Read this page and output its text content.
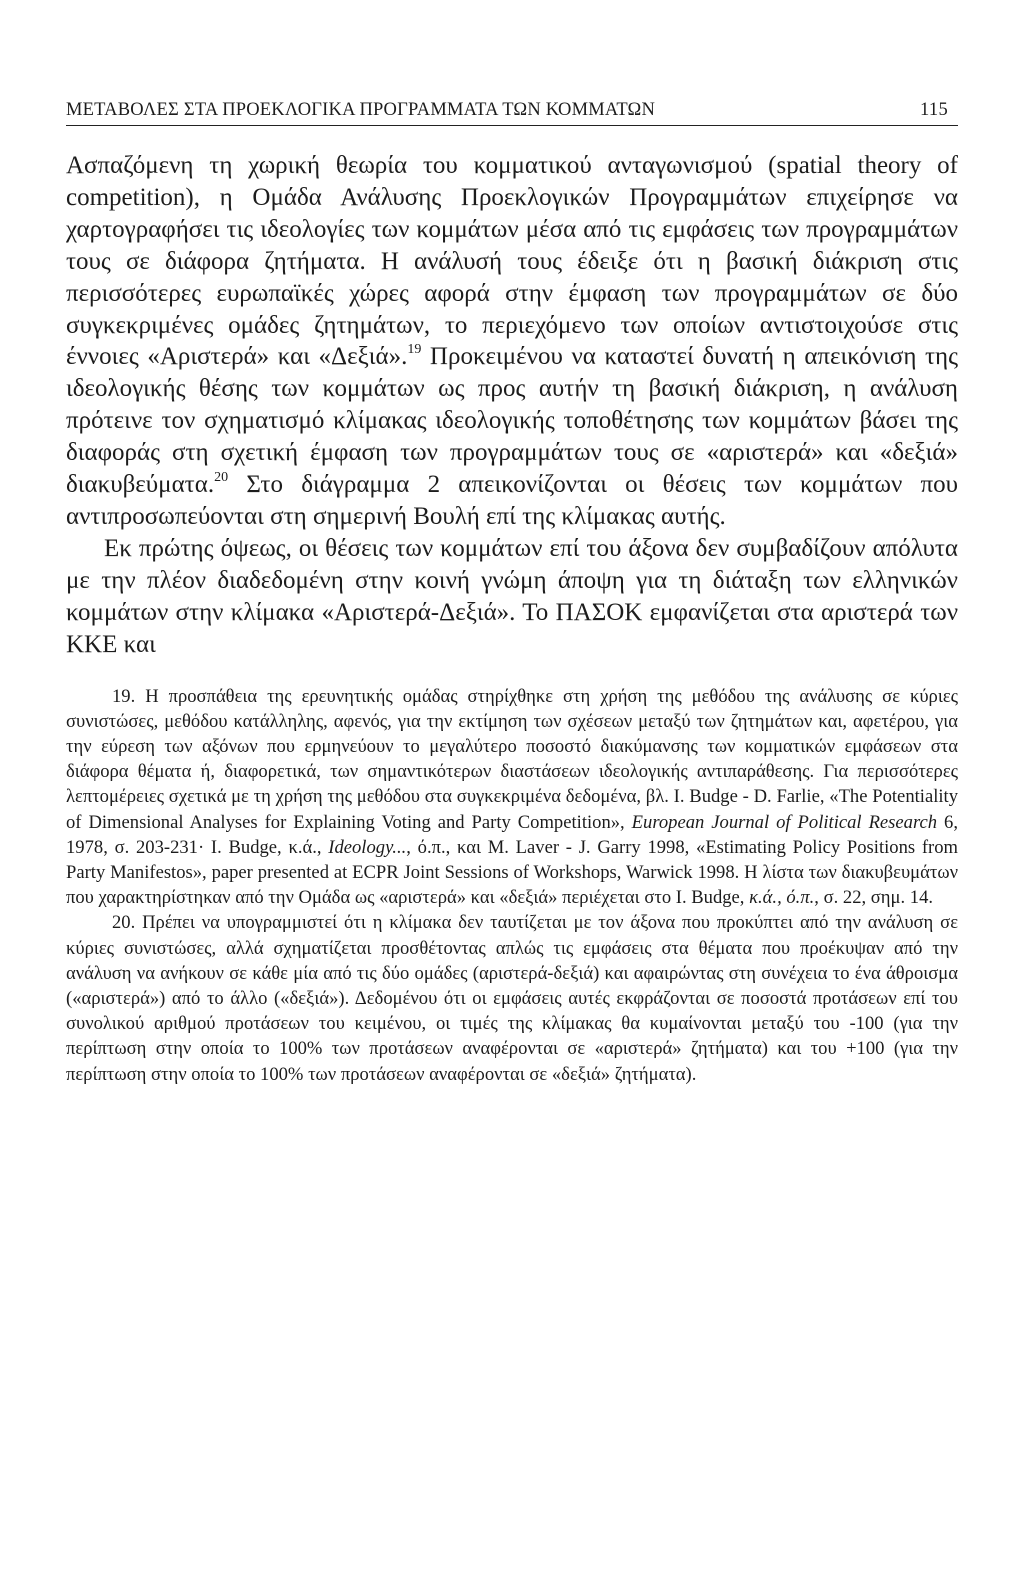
ΜΕΤΑΒΟΛΕΣ ΣΤΑ ΠΡΟΕΚΛΟΓΙΚΑ ΠΡΟΓΡΑΜΜΑΤΑ ΤΩΝ ΚΟΜΜΑΤΩΝ	115

Ασπαζόμενη τη χωρική θεωρία του κομματικού ανταγωνισμού (spatial theory of competition), η Ομάδα Ανάλυσης Προεκλογικών Προγραμμάτων επιχείρησε να χαρτογραφήσει τις ιδεολογίες των κομμάτων μέσα από τις εμφάσεις των προγραμμάτων τους σε διάφορα ζητήματα. Η ανάλυσή τους έδειξε ότι η βασική διάκριση στις περισσότερες ευρωπαϊκές χώρες αφορά στην έμφαση των προγραμμάτων σε δύο συγκεκριμένες ομάδες ζητημάτων, το περιεχόμενο των οποίων αντιστοιχούσε στις έννοιες «Αριστερά» και «Δεξιά».$^{19}$ Προκειμένου να καταστεί δυνατή η απεικόνιση της ιδεολογικής θέσης των κομμάτων ως προς αυτήν τη βασική διάκριση, η ανάλυση πρότεινε τον σχηματισμό κλίμακας ιδεολογικής τοποθέτησης των κομμάτων βάσει της διαφοράς στη σχετική έμφαση των προγραμμάτων τους σε «αριστερά» και «δεξιά» διακυβεύματα.$^{20}$ Στο διάγραμμα 2 απεικονίζονται οι θέσεις των κομμάτων που αντιπροσωπεύονται στη σημερινή Βουλή επί της κλίμακας αυτής.

Εκ πρώτης όψεως, οι θέσεις των κομμάτων επί του άξονα δεν συμβαδίζουν απόλυτα με την πλέον διαδεδομένη στην κοινή γνώμη άποψη για τη διάταξη των ελληνικών κομμάτων στην κλίμακα «Αριστερά-Δεξιά». Το ΠΑΣΟΚ εμφανίζεται στα αριστερά των ΚΚΕ και

19. Η προσπάθεια της ερευνητικής ομάδας στηρίχθηκε στη χρήση της μεθόδου της ανάλυσης σε κύριες συνιστώσες, μεθόδου κατάλληλης, αφενός, για την εκτίμηση των σχέσεων μεταξύ των ζητημάτων και, αφετέρου, για την εύρεση των αξόνων που ερμηνεύουν το μεγαλύτερο ποσοστό διακύμανσης των κομματικών εμφάσεων στα διάφορα θέματα ή, διαφορετικά, των σημαντικότερων διαστάσεων ιδεολογικής αντιπαράθεσης. Για περισσότερες λεπτομέρειες σχετικά με τη χρήση της μεθόδου στα συγκεκριμένα δεδομένα, βλ. I. Budge - D. Farlie, «The Potentiality of Dimensional Analyses for Explaining Voting and Party Competition», European Journal of Political Research 6, 1978, σ. 203-231· I. Budge, κ.ά., Ideology..., ό.π., και M. Laver - J. Garry 1998, «Estimating Policy Positions from Party Manifestos», paper presented at ECPR Joint Sessions of Workshops, Warwick 1998. Η λίστα των διακυβευμάτων που χαρακτηρίστηκαν από την Ομάδα ως «αριστερά» και «δεξιά» περιέχεται στο I. Budge, κ.ά., ό.π., σ. 22, σημ. 14.

20. Πρέπει να υπογραμμιστεί ότι η κλίμακα δεν ταυτίζεται με τον άξονα που προκύπτει από την ανάλυση σε κύριες συνιστώσες, αλλά σχηματίζεται προσθέτοντας απλώς τις εμφάσεις στα θέματα που προέκυψαν από την ανάλυση να ανήκουν σε κάθε μία από τις δύο ομάδες (αριστερά-δεξιά) και αφαιρώντας στη συνέχεια το ένα άθροισμα («αριστερά») από το άλλο («δεξιά»). Δεδομένου ότι οι εμφάσεις αυτές εκφράζονται σε ποσοστά προτάσεων επί του συνολικού αριθμού προτάσεων του κειμένου, οι τιμές της κλίμακας θα κυμαίνονται μεταξύ του -100 (για την περίπτωση στην οποία το 100% των προτάσεων αναφέρονται σε «αριστερά» ζητήματα) και του +100 (για την περίπτωση στην οποία το 100% των προτάσεων αναφέρονται σε «δεξιά» ζητήματα).
